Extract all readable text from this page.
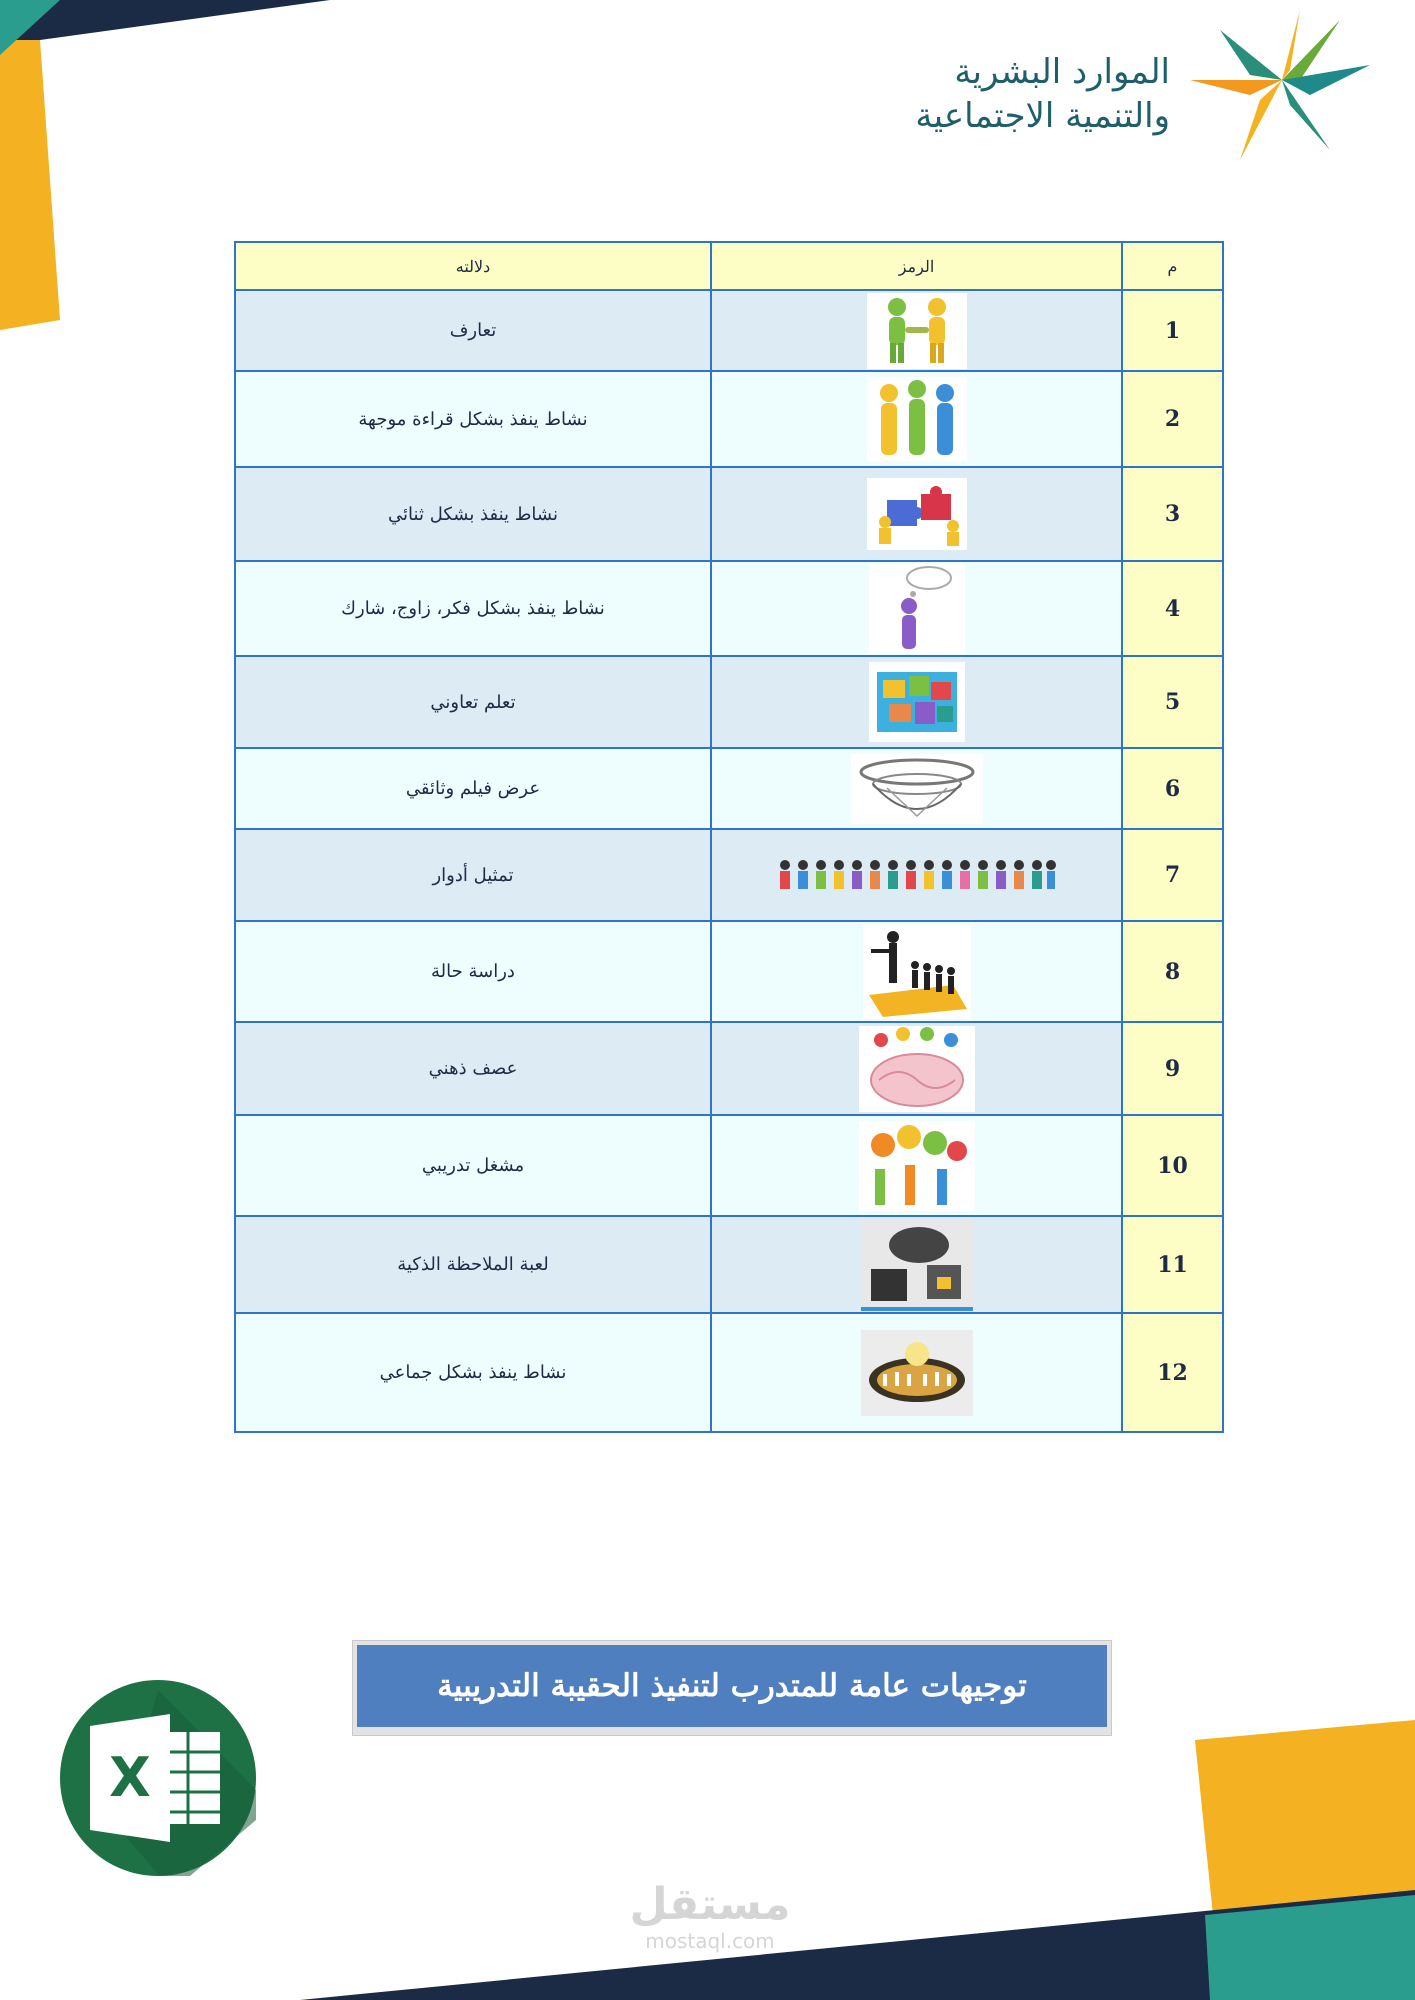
الموارد البشرية
والتنمية الاجتماعية
م	الرمز	دلالته
1		تعارف
2		نشاط ينفذ بشكل قراءة موجهة
3		نشاط ينفذ بشكل ثنائي
4		نشاط ينفذ بشكل فكر، زاوج، شارك
5		تعلم تعاوني
6		عرض فيلم وثائقي
7		تمثيل أدوار
8		دراسة حالة
9		عصف ذهني
10		مشغل تدريبي
11		لعبة الملاحظة الذكية
12		نشاط ينفذ بشكل جماعي
توجيهات عامة للمتدرب لتنفيذ الحقيبة التدريبية
X
مستقل
mostaql.com
